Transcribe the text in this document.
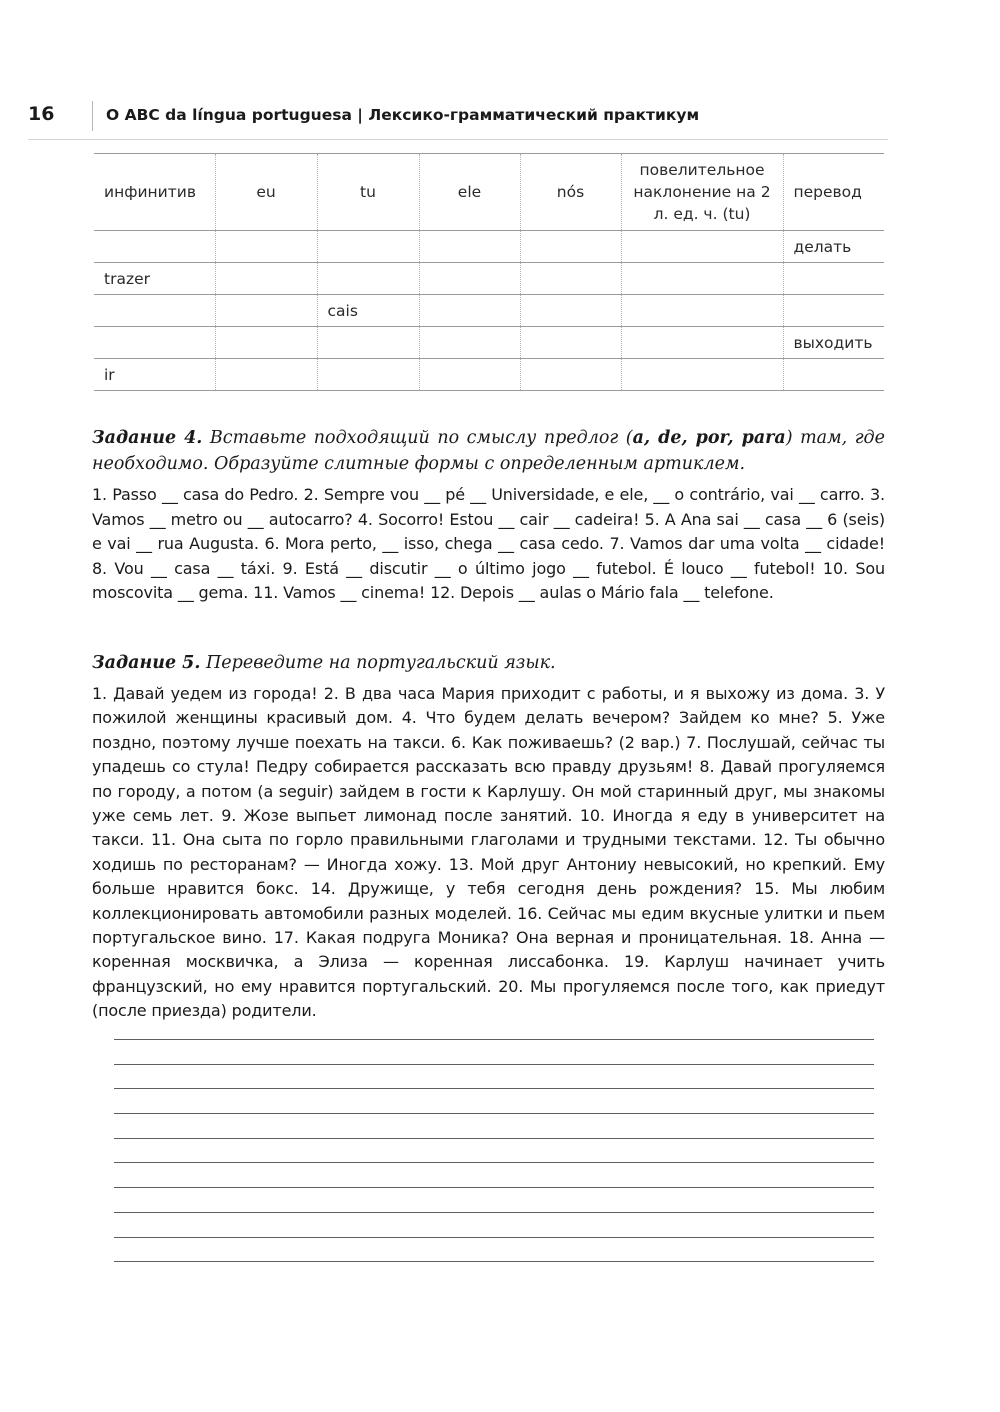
16	O ABC da língua portuguesa | Лексико-грамматический практикум
инфинитив	eu	tu	ele	nós	повелительное наклонение на 2 л. ед. ч. (tu)	перевод
						делать
trazer						
		cais				
						выходить
ir						

Задание 4. Вставьте подходящий по смыслу предлог (a, de, por, para) там, где необходимо. Образуйте слитные формы с определенным артиклем.

1. Passo __ casa do Pedro. 2. Sempre vou __ pé __ Universidade, e ele, __ o contrário, vai __ carro. 3. Vamos __ metro ou __ autocarro? 4. Socorro! Estou __ cair __ cadeira! 5. A Ana sai __ casa __ 6 (seis) e vai __ rua Augusta. 6. Mora perto, __ isso, chega __ casa cedo. 7. Vamos dar uma volta __ cidade! 8. Vou __ casa __ táxi. 9. Está __ discutir __ o último jogo __ futebol. É louco __ futebol! 10. Sou moscovita __ gema. 11. Vamos __ cinema! 12. Depois __ aulas o Mário fala __ telefone.

Задание 5. Переведите на португальский язык.

1. Давай уедем из города! 2. В два часа Мария приходит с работы, и я выхожу из дома. 3. У пожилой женщины красивый дом. 4. Что будем делать вечером? Зайдем ко мне? 5. Уже поздно, поэтому лучше поехать на такси. 6. Как поживаешь? (2 вар.) 7. Послушай, сейчас ты упадешь со стула! Педру собирается рассказать всю правду друзьям! 8. Давай прогуляемся по городу, а потом (a seguir) зайдем в гости к Карлушу. Он мой старинный друг, мы знакомы уже семь лет. 9. Жозе выпьет лимонад после занятий. 10. Иногда я еду в университет на такси. 11. Она сыта по горло правильными глаголами и трудными текстами. 12. Ты обычно ходишь по ресторанам? — Иногда хожу. 13. Мой друг Антониу невысокий, но крепкий. Ему больше нравится бокс. 14. Дружище, у тебя сегодня день рождения? 15. Мы любим коллекционировать автомобили разных моделей. 16. Сейчас мы едим вкусные улитки и пьем португальское вино. 17. Какая подруга Моника? Она верная и проницательная. 18. Анна — коренная москвичка, а Элиза — коренная лиссабонка. 19. Карлуш начинает учить французский, но ему нравится португальский. 20. Мы прогуляемся после того, как приедут (после приезда) родители.
